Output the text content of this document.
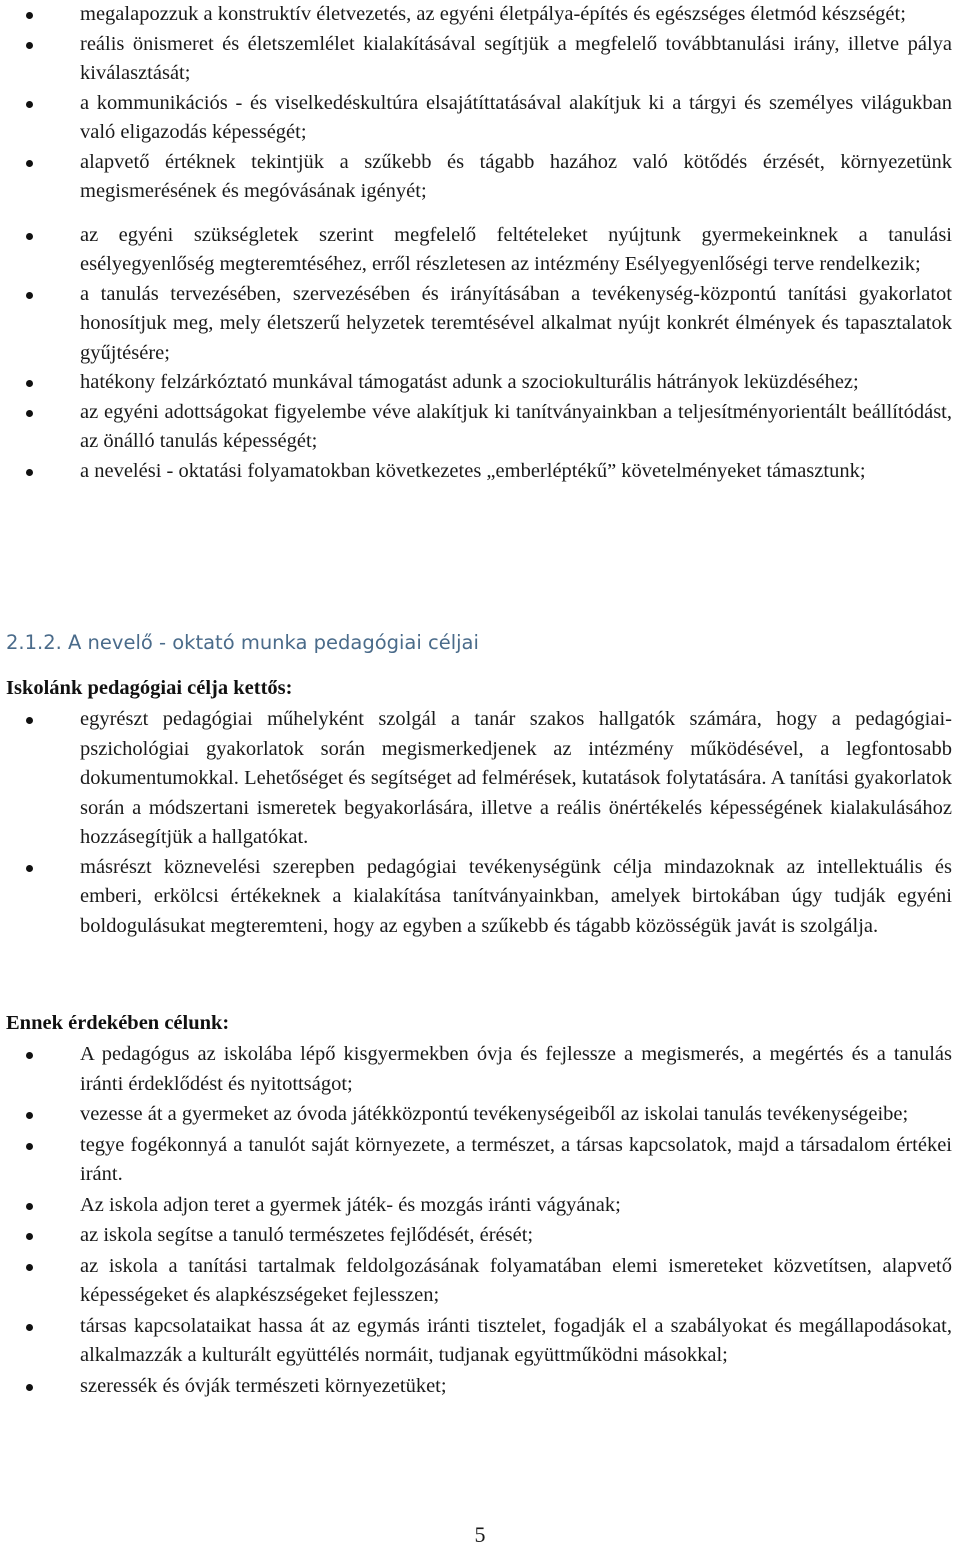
megalapozzuk a konstruktív életvezetés, az egyéni életpálya-építés és egészséges életmód készségét;
reális önismeret és életszemlélet kialakításával segítjük a megfelelő továbbtanulási irány, illetve pálya kiválasztását;
a kommunikációs - és viselkedéskultúra elsajátíttatásával alakítjuk ki a tárgyi és személyes világukban való eligazodás képességét;
alapvető értéknek tekintjük a szűkebb és tágabb hazához való kötődés érzését, környezetünk megismerésének és megóvásának igényét;
az egyéni szükségletek szerint megfelelő feltételeket nyújtunk gyermekeinknek a tanulási esélyegyenlőség megteremtéséhez, erről részletesen az intézmény Esélyegyenlőségi terve rendelkezik;
a tanulás tervezésében, szervezésében és irányításában a tevékenység-központú tanítási gyakorlatot honosítjuk meg, mely életszerű helyzetek teremtésével alkalmat nyújt konkrét élmények és tapasztalatok gyűjtésére;
hatékony felzárkóztató munkával támogatást adunk a szociokulturális hátrányok leküzdéséhez;
az egyéni adottságokat figyelembe véve alakítjuk ki tanítványainkban a teljesítményorientált beállítódást, az önálló tanulás képességét;
a nevelési - oktatási folyamatokban következetes „emberléptékű” követelményeket támasztunk;
2.1.2. A nevelő - oktató munka pedagógiai céljai
Iskolánk pedagógiai célja kettős:
egyrészt pedagógiai műhelyként szolgál a tanár szakos hallgatók számára, hogy a pedagógiai-pszichológiai gyakorlatok során megismerkedjenek az intézmény működésével, a legfontosabb dokumentumokkal. Lehetőséget és segítséget ad felmérések, kutatások folytatására. A tanítási gyakorlatok során a módszertani ismeretek begyakorlására, illetve a reális önértékelés képességének kialakulásához hozzásegítjük a hallgatókat.
másrészt köznevelési szerepben pedagógiai tevékenységünk célja mindazoknak az intellektuális és emberi, erkölcsi értékeknek a kialakítása tanítványainkban, amelyek birtokában úgy tudják egyéni boldogulásukat megteremteni, hogy az egyben a szűkebb és tágabb közösségük javát is szolgálja.
Ennek érdekében célunk:
A pedagógus az iskolába lépő kisgyermekben óvja és fejlessze a megismerés, a megértés és a tanulás iránti érdeklődést és nyitottságot;
vezesse át a gyermeket az óvoda játékközpontú tevékenységeiből az iskolai tanulás tevékenységeibe;
tegye fogékonnyá a tanulót saját környezete, a természet, a társas kapcsolatok, majd a társadalom értékei iránt.
Az iskola adjon teret a gyermek játék- és mozgás iránti vágyának;
az iskola segítse a tanuló természetes fejlődését, érését;
az iskola a tanítási tartalmak feldolgozásának folyamatában elemi ismereteket közvetítsen, alapvető képességeket és alapkészségeket fejlesszen;
társas kapcsolataikat hassa át az egymás iránti tisztelet, fogadják el a szabályokat és megállapodásokat, alkalmazzák a kulturált együttélés normáit, tudjanak együttműködni másokkal;
szeressék és óvják természeti környezetüket;
5
